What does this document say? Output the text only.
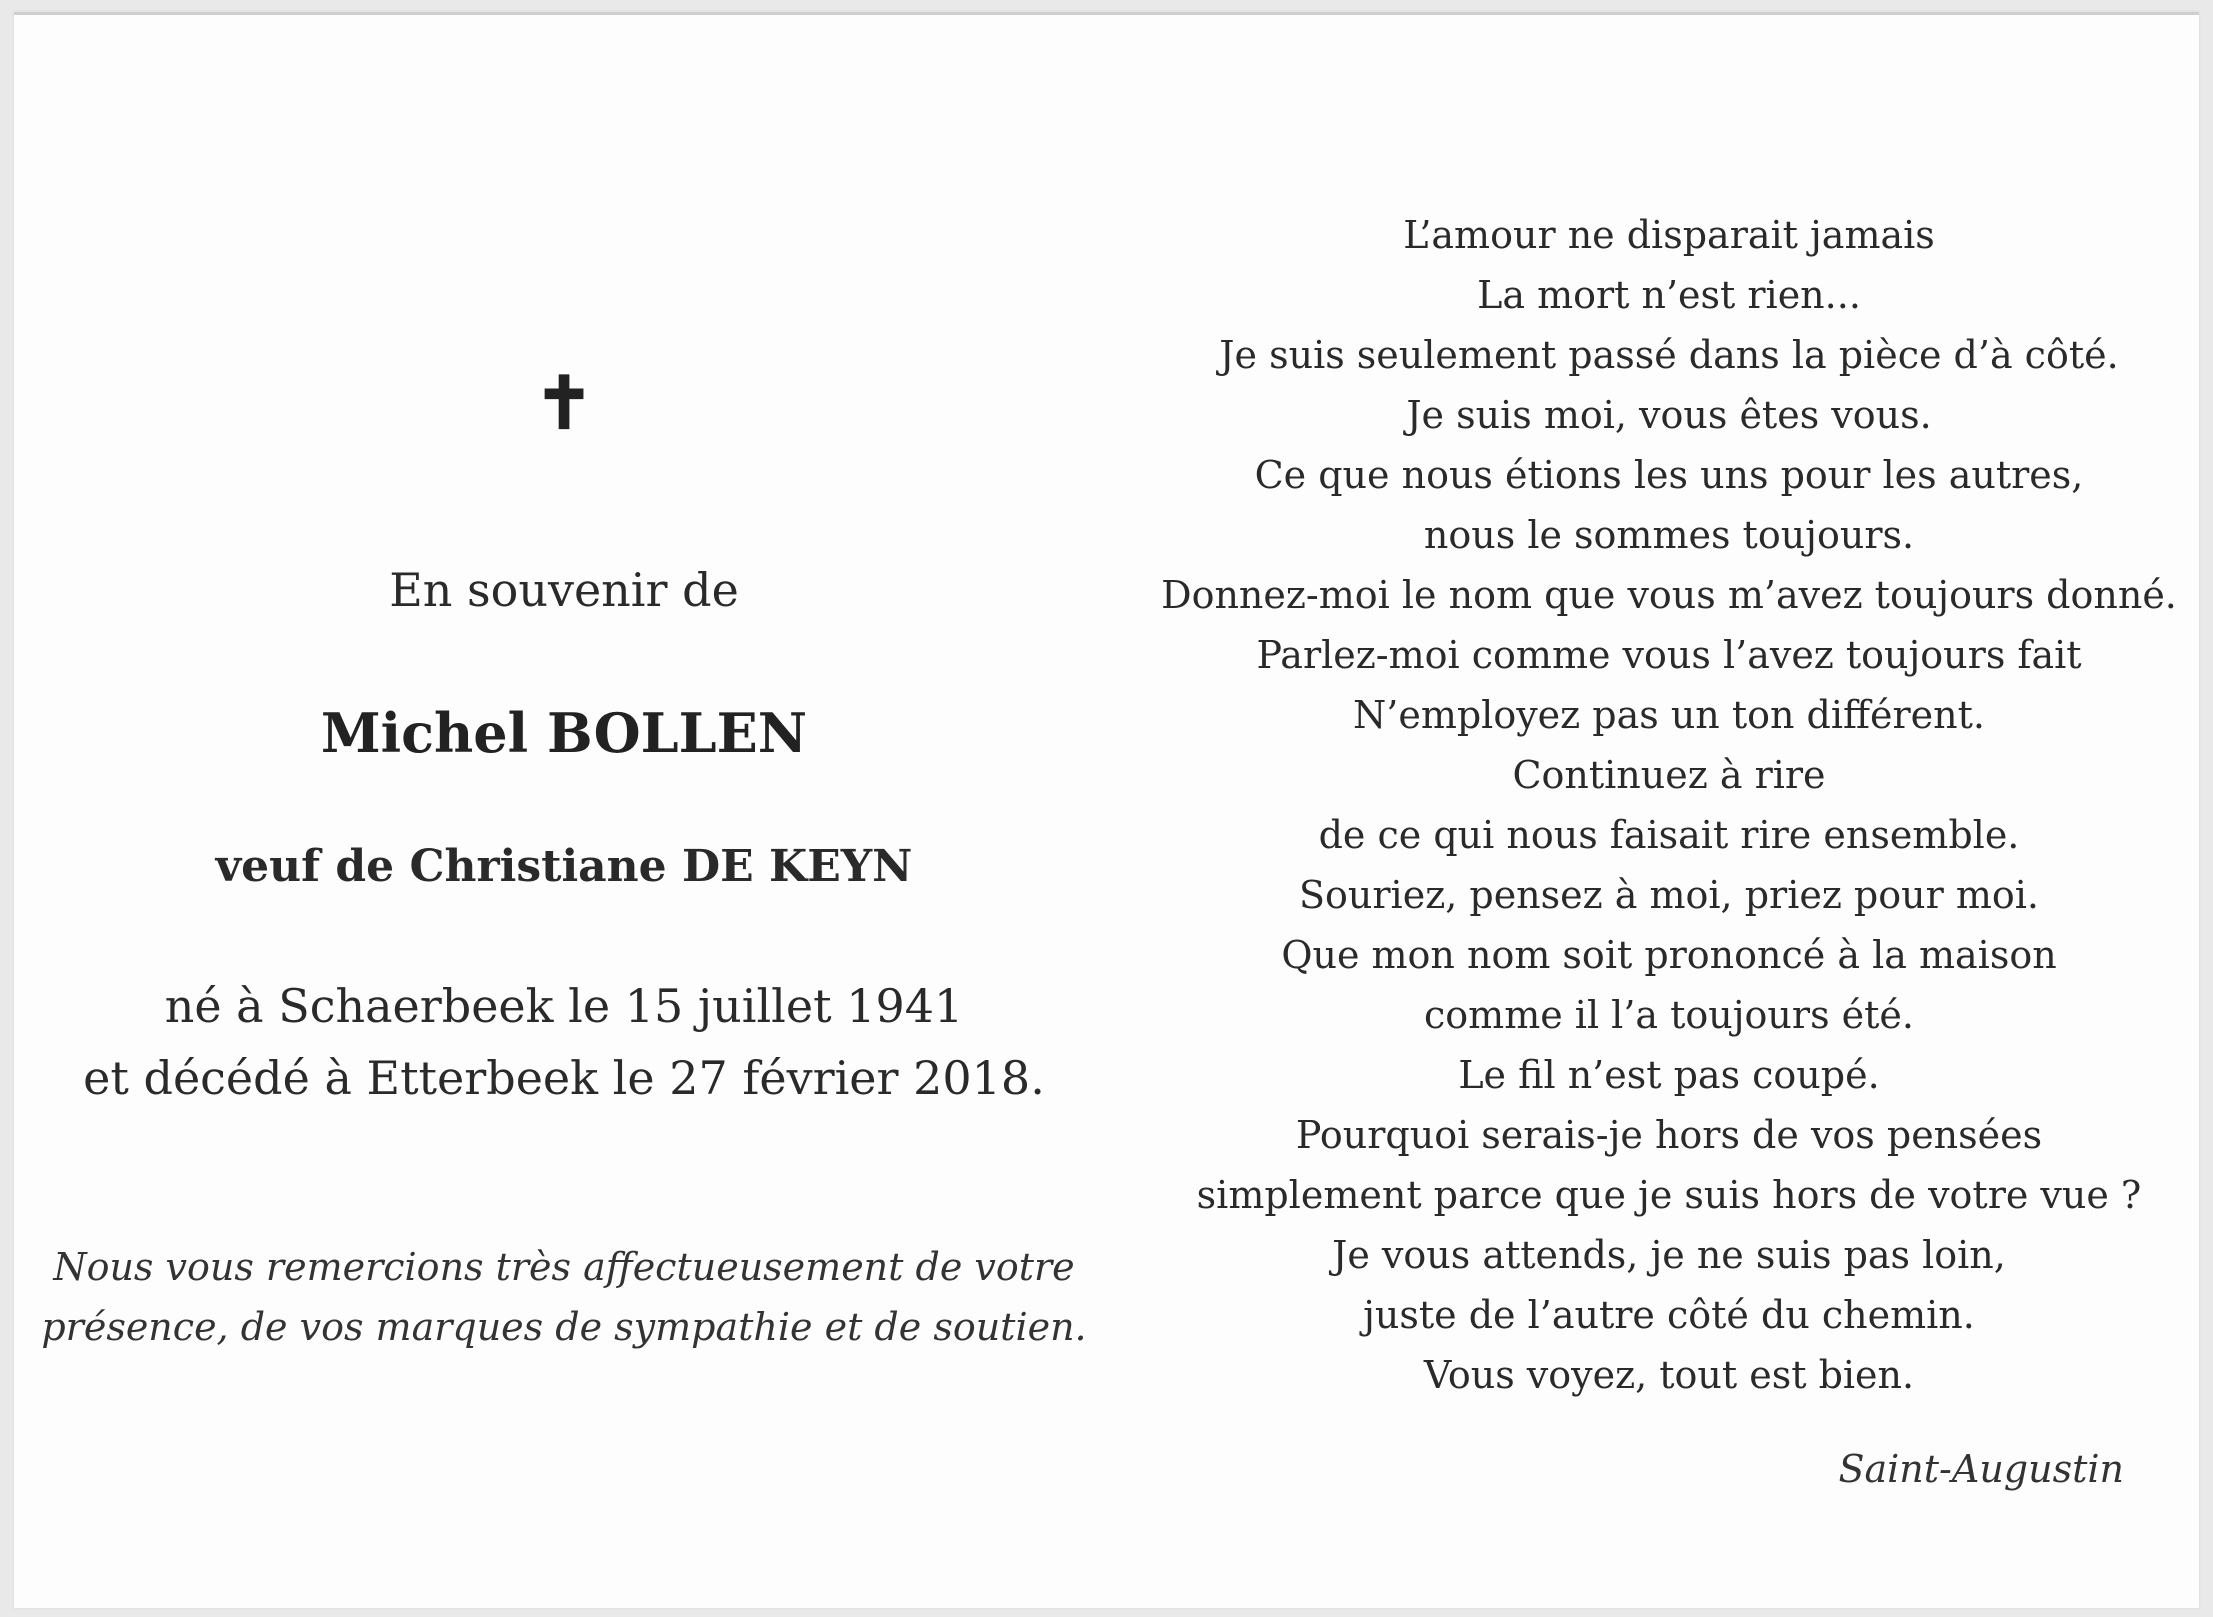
✝
En souvenir de
Michel BOLLEN
veuf de Christiane DE KEYN
né à Schaerbeek le 15 juillet 1941
et décédé à Etterbeek le 27 février 2018.
Nous vous remercions très affectueusement de votre
présence, de vos marques de sympathie et de soutien.
L’amour ne disparait jamais
La mort n’est rien...
Je suis seulement passé dans la pièce d’à côté.
Je suis moi, vous êtes vous.
Ce que nous étions les uns pour les autres,
nous le sommes toujours.
Donnez-moi le nom que vous m’avez toujours donné.
Parlez-moi comme vous l’avez toujours fait
N’employez pas un ton différent.
Continuez à rire
de ce qui nous faisait rire ensemble.
Souriez, pensez à moi, priez pour moi.
Que mon nom soit prononcé à la maison
comme il l’a toujours été.
Le fil n’est pas coupé.
Pourquoi serais-je hors de vos pensées
simplement parce que je suis hors de votre vue ?
Je vous attends, je ne suis pas loin,
juste de l’autre côté du chemin.
Vous voyez, tout est bien.
Saint-Augustin
